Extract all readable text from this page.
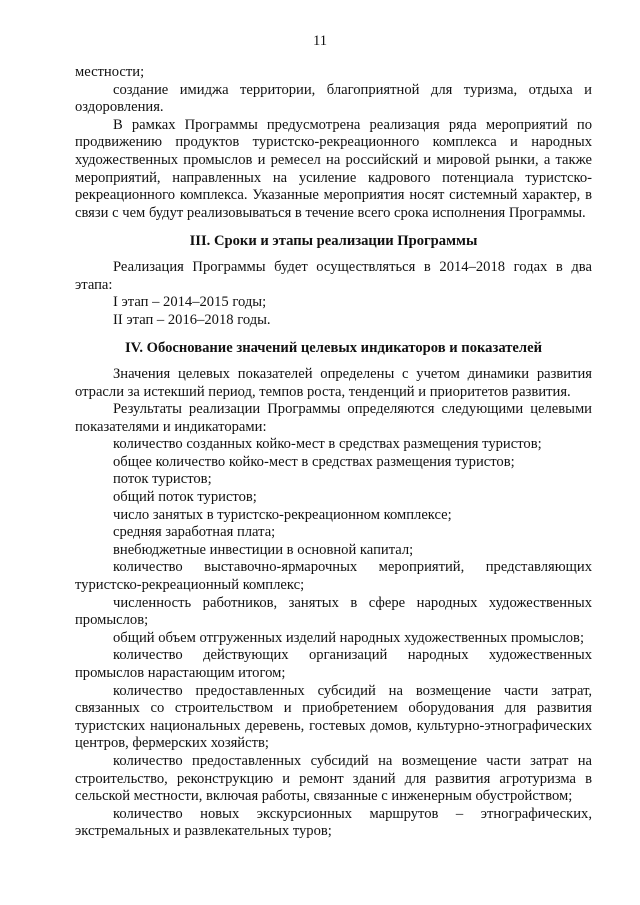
11

местности;

создание имиджа территории, благоприятной для туризма, отдыха и оздоровления.

В рамках Программы предусмотрена реализация ряда мероприятий по продвижению продуктов туристско-рекреационного комплекса и народных художественных промыслов и ремесел на российский и мировой рынки, а также мероприятий, направленных на усиление кадрового потенциала туристско-рекреационного комплекса. Указанные мероприятия носят системный характер, в связи с чем будут реализовываться в течение всего срока исполнения Программы.

III. Сроки и этапы реализации Программы

Реализация Программы будет осуществляться в 2014–2018 годах в два этапа:

I этап – 2014–2015 годы;

II этап – 2016–2018 годы.

IV. Обоснование значений целевых индикаторов и показателей

Значения целевых показателей определены с учетом динамики развития отрасли за истекший период, темпов роста, тенденций и приоритетов развития.

Результаты реализации Программы определяются следующими целевыми показателями и индикаторами:

количество созданных койко-мест в средствах размещения туристов;

общее количество койко-мест в средствах размещения туристов;

поток туристов;

общий поток туристов;

число занятых в туристско-рекреационном комплексе;

средняя заработная плата;

внебюджетные инвестиции в основной капитал;

количество выставочно-ярмарочных мероприятий, представляющих туристско-рекреационный комплекс;

численность работников, занятых в сфере народных художественных промыслов;

общий объем отгруженных изделий народных художественных промыслов;

количество действующих организаций народных художественных промыслов нарастающим итогом;

количество предоставленных субсидий на возмещение части затрат, связанных со строительством и приобретением оборудования для развития туристских национальных деревень, гостевых домов, культурно-этнографических центров, фермерских хозяйств;

количество предоставленных субсидий на возмещение части затрат на строительство, реконструкцию и ремонт зданий для развития агротуризма в сельской местности, включая работы, связанные с инженерным обустройством;

количество новых экскурсионных маршрутов – этнографических, экстремальных и развлекательных туров;
